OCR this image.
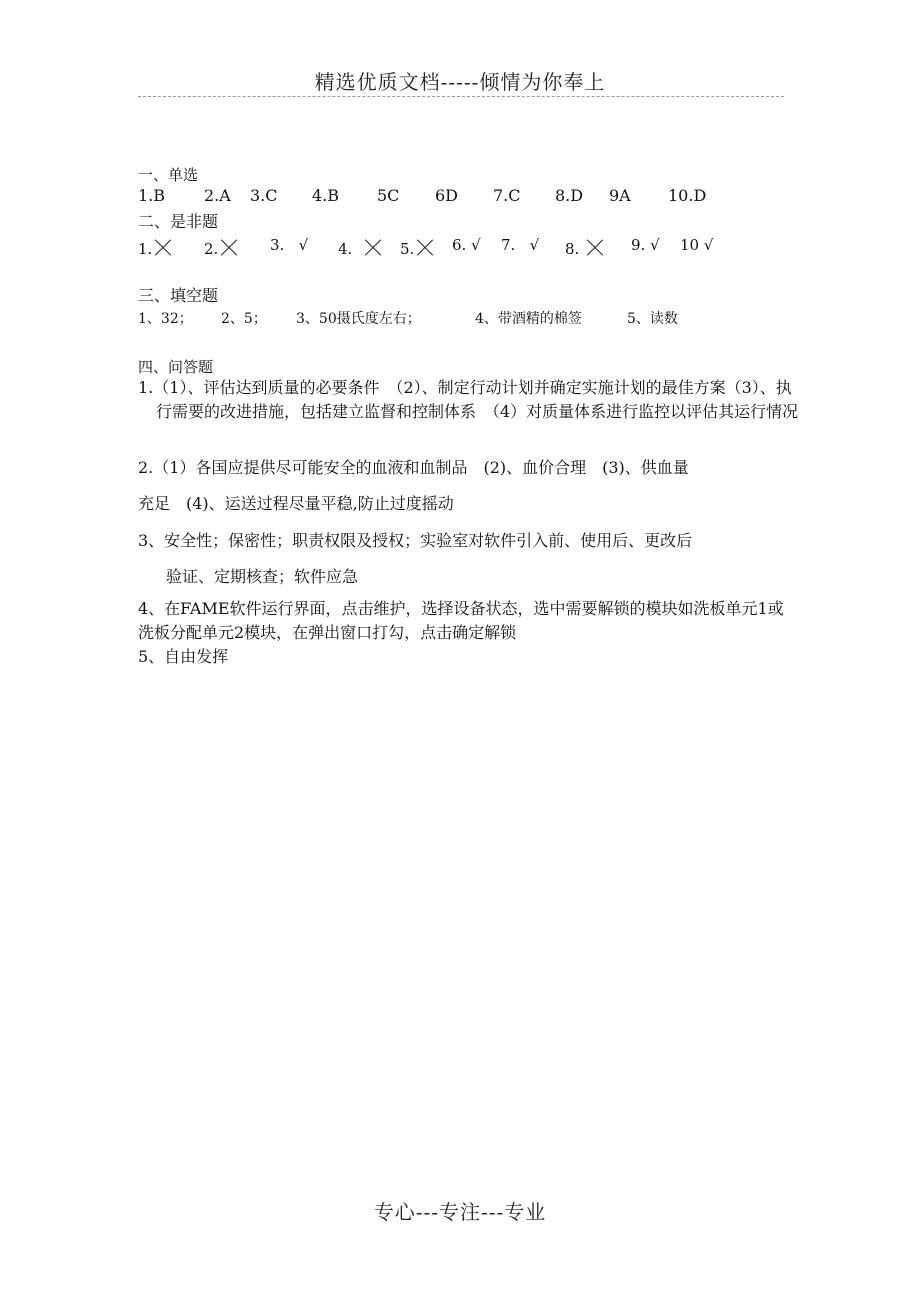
精选优质文档-----倾情为你奉上
一、单选
1.B 2.A 3.C 4.B 5C 6D 7.C 8.D 9A 10.D
二、是非题
1.	2.	3. √ 4.	5.	6. √ 7. √ 8.	9. √ 10 √
三、填空题
1、32； 2、5； 3、50摄氏度左右；	4、带酒精的棉签	5、读数
四、问答题
1.（1）、评估达到质量的必要条件　（2）、制定行动计划并确定实施计划的最佳方案（3）、执行需要的改进措施，包括建立监督和控制体系　（4）对质量体系进行监控以评估其运行情况
2.（1）各国应提供尽可能安全的血液和血制品　(2)、血价合理　(3)、供血量
充足　(4)、运送过程尽量平稳,防止过度摇动
3、安全性；保密性；职责权限及授权；实验室对软件引入前、使用后、更改后
验证、定期核查；软件应急
4、在FAME软件运行界面，点击维护，选择设备状态，选中需要解锁的模块如洗板单元1或洗板分配单元2模块，在弹出窗口打勾，点击确定解锁
5、自由发挥
专心---专注---专业
